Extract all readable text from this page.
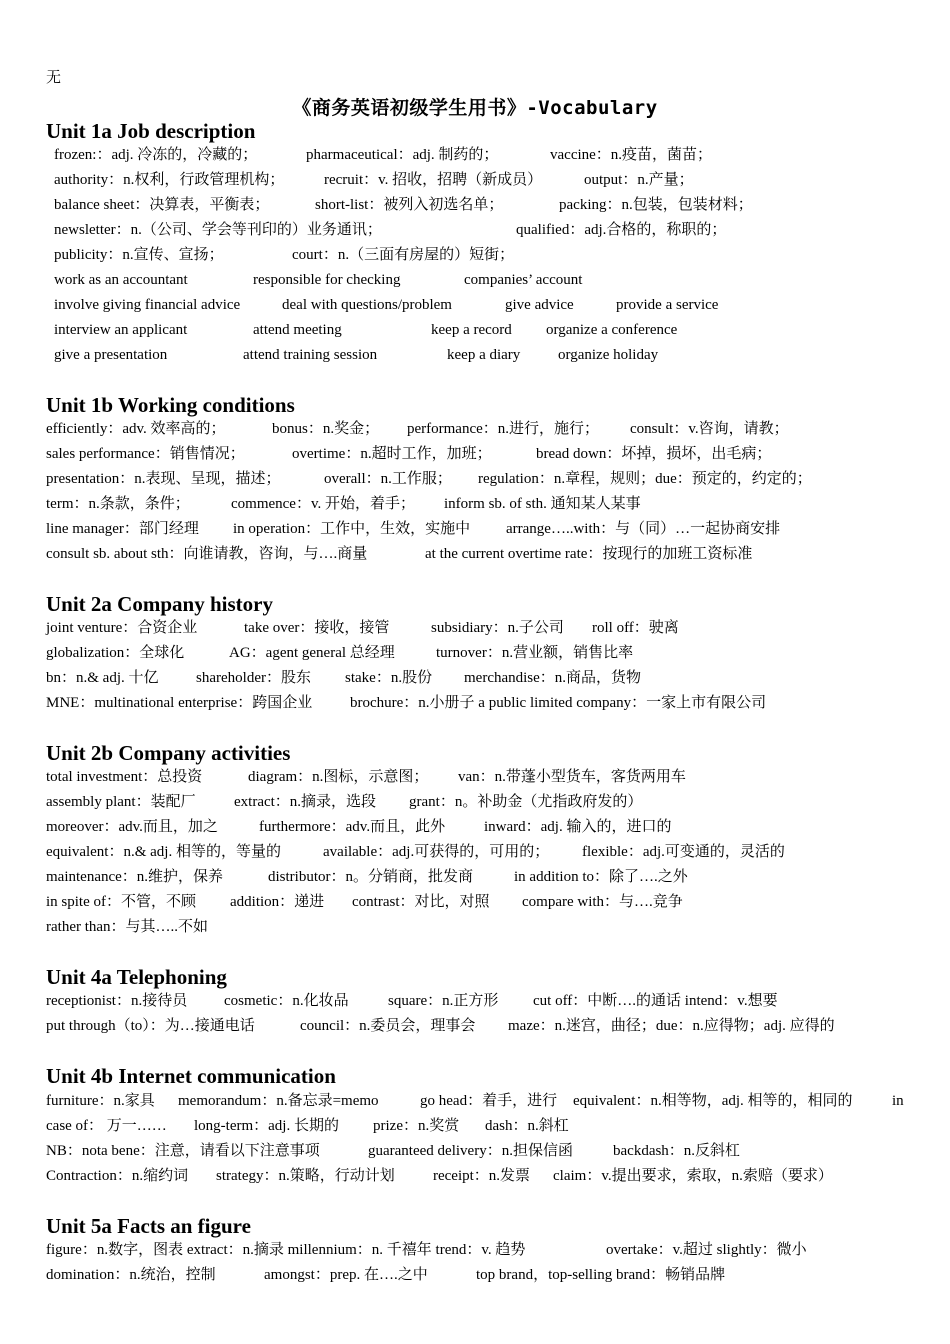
无
《商务英语初级学生用书》-Vocabulary
Unit 1a Job description
frozen:：adj. 冷冻的，冷藏的；	pharmaceutical：adj. 制药的；	vaccine：n.疫苗，菌苗；
authority：n.权利，行政管理机构；	recruit：v. 招收，招聘（新成员）	output：n.产量；
balance sheet：决算表，平衡表；	short-list：被列入初选名单；	packing：n.包装，包装材料；
newsletter：n.（公司、学会等刊印的）业务通讯；	qualified：adj.合格的，称职的；
publicity：n.宣传、宣扬；	court：n.（三面有房屋的）短街；
work as an accountant	responsible for checking	companies’ account
involve giving financial advice	deal with questions/problem	give advice	provide a service
interview an applicant	attend meeting	keep a record organize a conference
give a presentation	attend training session	keep a diary	organize holiday
Unit 1b Working conditions
efficiently：adv. 效率高的；	bonus：n.奖金； performance：n.进行，施行； consult：v.咨询，请教；
sales performance：销售情况；	overtime：n.超时工作，加班；	bread down：坏掉，损坏，出毛病；
presentation：n.表现、呈现，描述；	overall：n.工作服； regulation：n.章程，规则；due：预定的，约定的；
term：n.条款，条件；	commence：v. 开始，着手； inform sb. of sth. 通知某人某事
line manager：部门经理 in operation：工作中，生效，实施中 arrange…..with：与（同）…一起协商安排
consult sb. about sth：向谁请教，咨询，与….商量	at the current overtime rate：按现行的加班工资标准
Unit 2a Company history
joint venture：合资企业	take over：接收，接管	subsidiary：n.子公司 roll off：驶离
globalization：全球化	AG：agent general 总经理	turnover：n.营业额，销售比率
bn：n.& adj. 十亿	shareholder：股东 stake：n.股份 merchandise：n.商品，货物
MNE：multinational enterprise：跨国企业	brochure：n.小册子 a public limited company：一家上市有限公司
Unit 2b Company activities
total investment：总投资	diagram：n.图标，示意图； van：n.带蓬小型货车，客货两用车
assembly plant：装配厂	extract：n.摘录，选段 grant：n。补助金（尤指政府发的）
moreover：adv.而且，加之	furthermore：adv.而且，此外	inward：adj. 输入的，进口的
equivalent：n.& adj. 相等的，等量的	available：adj.可获得的，可用的； flexible：adj.可变通的，灵活的
maintenance：n.维护，保养	distributor：n。分销商，批发商	in addition to：除了….之外
in spite of：不管，不顾 addition：递进 contrast：对比，对照 compare with：与….竞争
rather than：与其…..不如
Unit 4a Telephoning
receptionist：n.接待员 cosmetic：n.化妆品	square：n.正方形 cut off：中断….的通话 intend：v.想要
put through（to）：为…接通电话	council：n.委员会，理事会 maze：n.迷宫，曲径；due：n.应得物；adj. 应得的
Unit 4b Internet communication
furniture：n.家具 memorandum：n.备忘录=memo	go head：着手，进行 equivalent：n.相等物，adj. 相等的，相同的	in
case of： 万一…… long-term：adj. 长期的 prize：n.奖赏 dash：n.斜杠
NB：nota bene：注意，请看以下注意事项	guaranteed delivery：n.担保信函	backdash：n.反斜杠
Contraction：n.缩约词 strategy：n.策略，行动计划	receipt：n.发票 claim：v.提出要求，索取，n.索赔（要求）
Unit 5a Facts an figure
figure：n.数字，图表 extract：n.摘录 millennium：n. 千禧年 trend：v. 趋势	overtake：v.超过 slightly：微小
domination：n.统治，控制	amongst：prep. 在….之中	top brand，top-selling brand：畅销品牌
